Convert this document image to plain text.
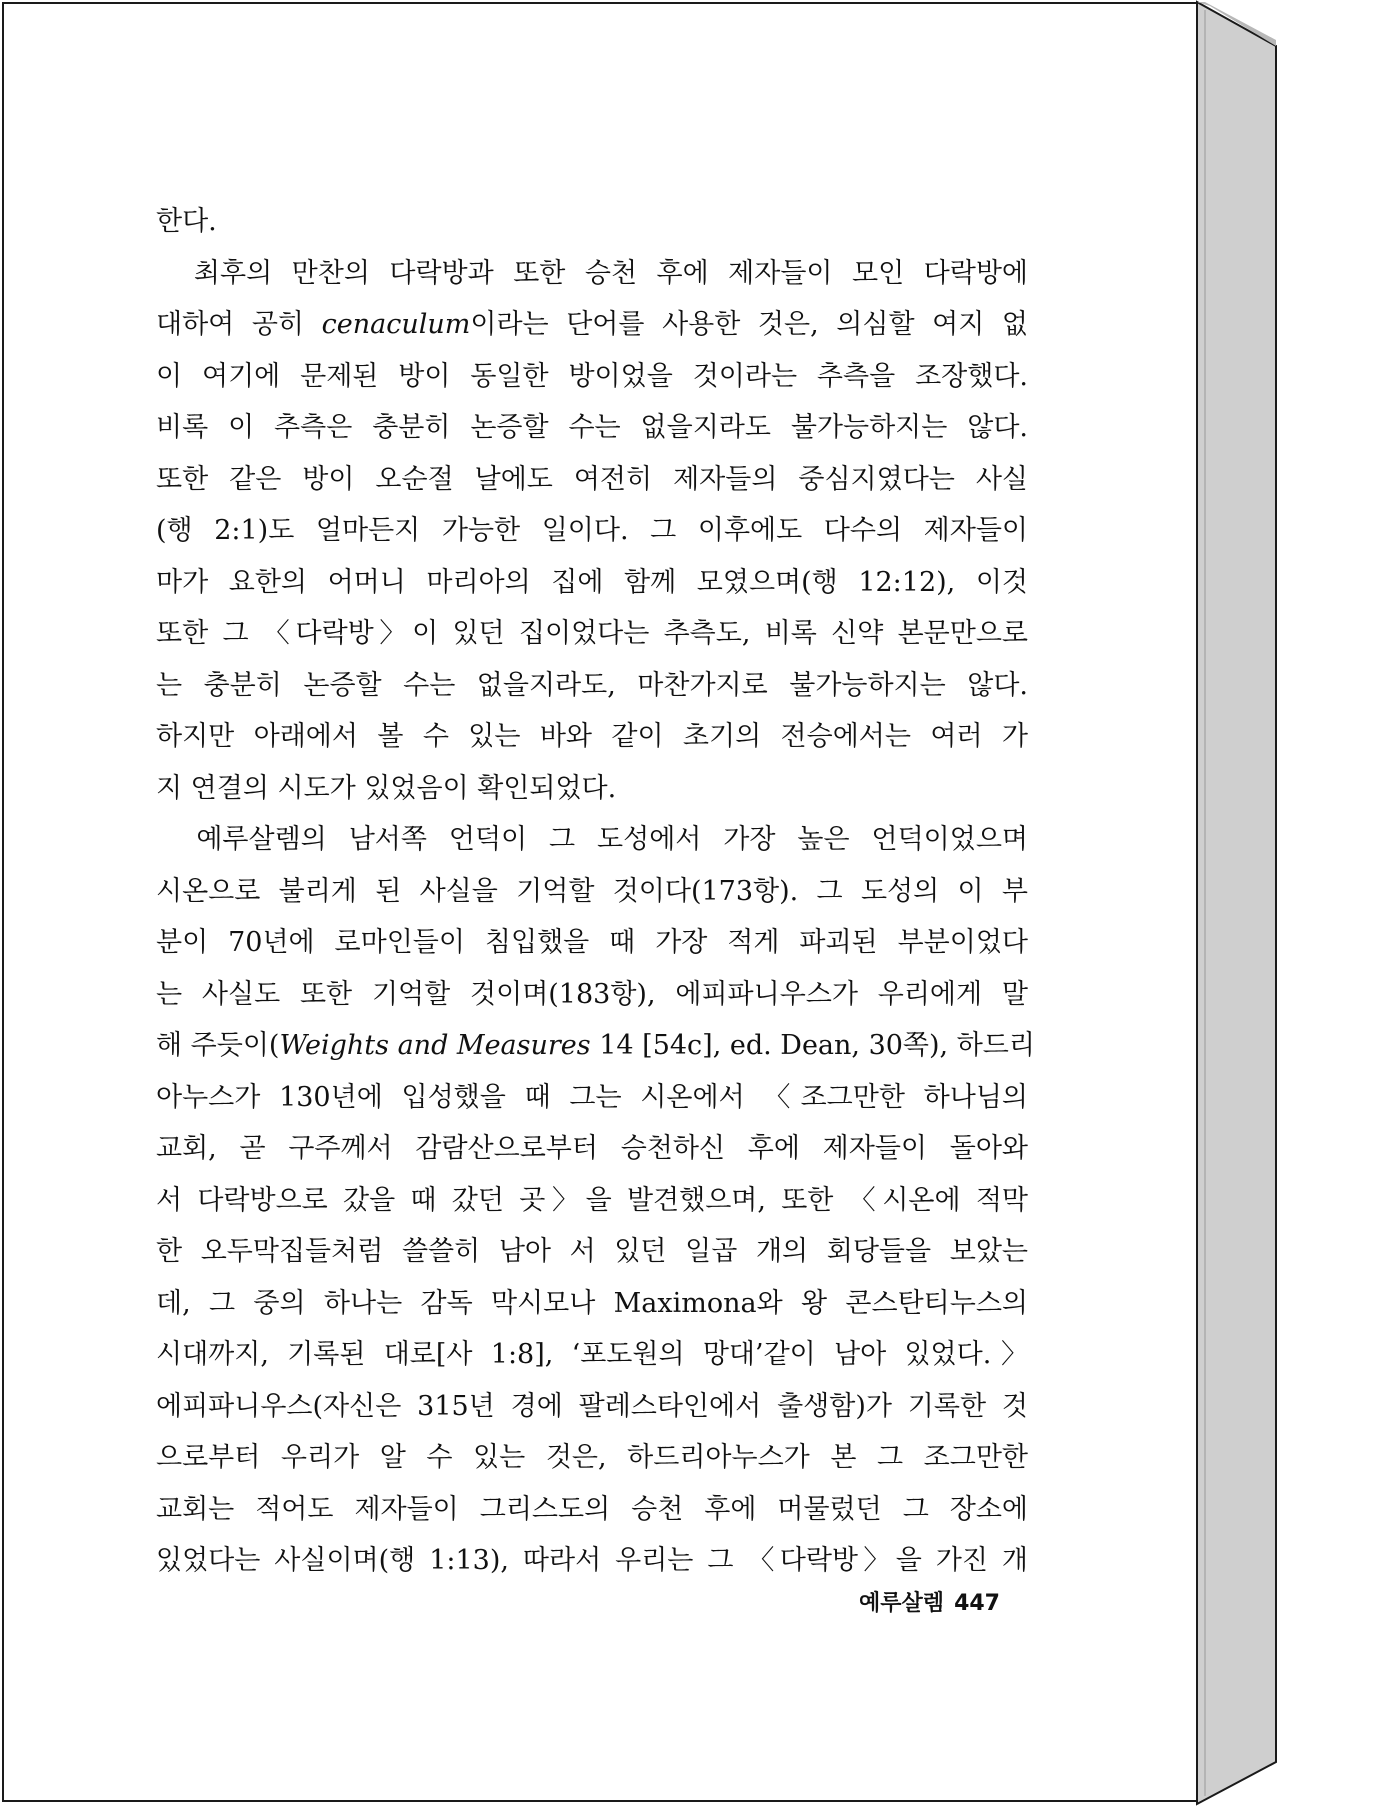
한다.
　최후의 만찬의 다락방과 또한 승천 후에 제자들이 모인 다락방에
대하여 공히 cenaculum이라는 단어를 사용한 것은, 의심할 여지 없
이 여기에 문제된 방이 동일한 방이었을 것이라는 추측을 조장했다.
비록 이 추측은 충분히 논증할 수는 없을지라도 불가능하지는 않다.
또한 같은 방이 오순절 날에도 여전히 제자들의 중심지였다는 사실
(행 2:1)도 얼마든지 가능한 일이다. 그 이후에도 다수의 제자들이
마가 요한의 어머니 마리아의 집에 함께 모였으며(행 12:12), 이것
또한 그 〈다락방〉이 있던 집이었다는 추측도, 비록 신약 본문만으로
는 충분히 논증할 수는 없을지라도, 마찬가지로 불가능하지는 않다.
하지만 아래에서 볼 수 있는 바와 같이 초기의 전승에서는 여러 가
지 연결의 시도가 있었음이 확인되었다.
　예루살렘의 남서쪽 언덕이 그 도성에서 가장 높은 언덕이었으며
시온으로 불리게 된 사실을 기억할 것이다(173항). 그 도성의 이 부
분이 70년에 로마인들이 침입했을 때 가장 적게 파괴된 부분이었다
는 사실도 또한 기억할 것이며(183항), 에피파니우스가 우리에게 말
해 주듯이(Weights and Measures 14 [54c], ed. Dean, 30쪽), 하드리
아누스가 130년에 입성했을 때 그는 시온에서 〈조그만한 하나님의
교회, 곧 구주께서 감람산으로부터 승천하신 후에 제자들이 돌아와
서 다락방으로 갔을 때 갔던 곳〉을 발견했으며, 또한 〈시온에 적막
한 오두막집들처럼 쓸쓸히 남아 서 있던 일곱 개의 회당들을 보았는
데, 그 중의 하나는 감독 막시모나 Maximona와 왕 콘스탄티누스의
시대까지, 기록된 대로[사 1:8], ‘포도원의 망대’같이 남아 있었다.〉
에피파니우스(자신은 315년 경에 팔레스타인에서 출생함)가 기록한 것
으로부터 우리가 알 수 있는 것은, 하드리아누스가 본 그 조그만한
교회는 적어도 제자들이 그리스도의 승천 후에 머물렀던 그 장소에
있었다는 사실이며(행 1:13), 따라서 우리는 그 〈다락방〉을 가진 개
예루살렘 447
